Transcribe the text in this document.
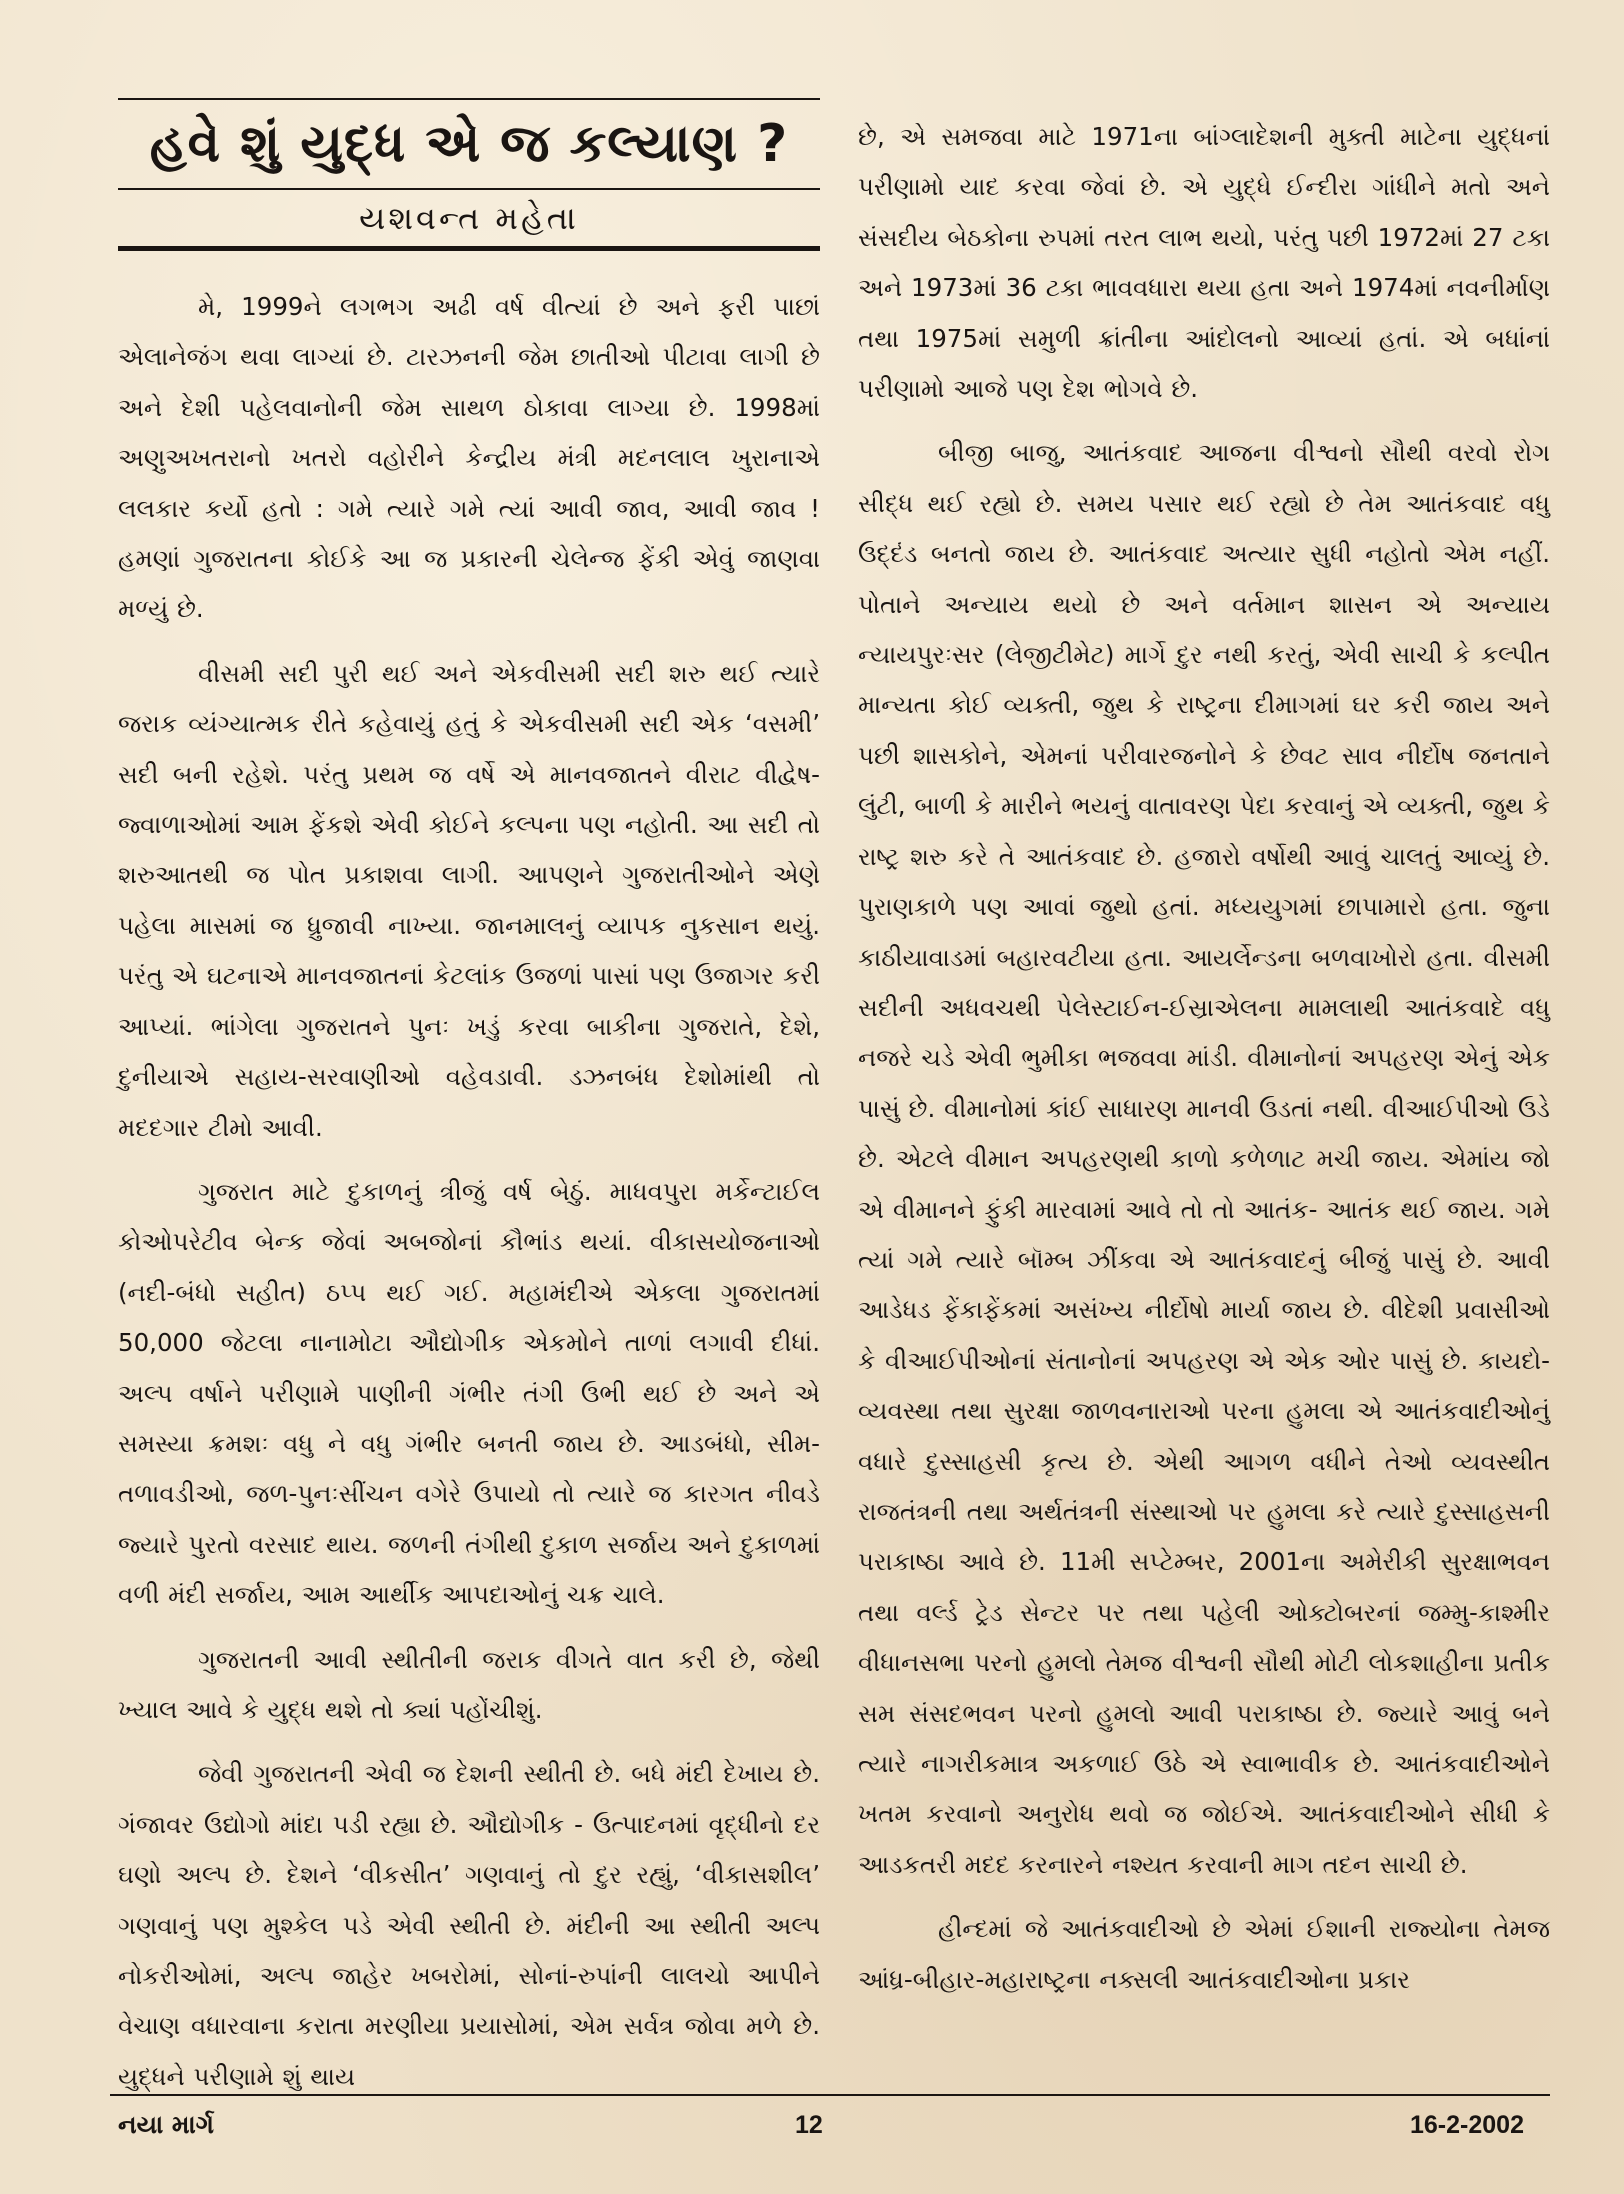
હવે શું યુદ્ધ એ જ કલ્યાણ ?
યશવન્ત મહેતા

મે, 1999ને લગભગ અઢી વર્ષ વીત્યાં છે અને ફરી પાછાં એલાનેજંગ થવા લાગ્યાં છે. ટારઝનની જેમ છાતીઓ પીટાવા લાગી છે અને દેશી પહેલવાનોની જેમ સાથળ ઠોકાવા લાગ્યા છે. 1998માં અણુઅખતરાનો ખતરો વહોરીને કેન્દ્રીય મંત્રી મદનલાલ ખુરાનાએ લલકાર કર્યો હતો : ગમે ત્યારે ગમે ત્યાં આવી જાવ, આવી જાવ ! હમણાં ગુજરાતના કોઈકે આ જ પ્રકારની ચેલેન્જ ફેંકી એવું જાણવા મળ્યું છે.

વીસમી સદી પુરી થઈ અને એકવીસમી સદી શરુ થઈ ત્યારે જરાક વ્યંગ્યાત્મક રીતે કહેવાયું હતું કે એકવીસમી સદી એક ‘વસમી’ સદી બની રહેશે. પરંતુ પ્રથમ જ વર્ષે એ માનવજાતને વીરાટ વીદ્વેષ-જ્વાળાઓમાં આમ ફેંકશે એવી કોઈને કલ્પના પણ નહોતી. આ સદી તો શરુઆતથી જ પોત પ્રકાશવા લાગી. આપણને ગુજરાતીઓને એણે પહેલા માસમાં જ ધ્રુજાવી નાખ્યા. જાનમાલનું વ્યાપક નુકસાન થયું. પરંતુ એ ઘટનાએ માનવજાતનાં કેટલાંક ઉજળાં પાસાં પણ ઉજાગર કરી આપ્યાં. ભાંગેલા ગુજરાતને પુનઃ ખડું કરવા બાકીના ગુજરાતે, દેશે, દુનીયાએ સહાય-સરવાણીઓ વહેવડાવી. ડઝનબંધ દેશોમાંથી તો મદદગાર ટીમો આવી.

ગુજરાત માટે દુકાળનું ત્રીજું વર્ષ બેઠું. માધવપુરા મર્કેન્ટાઈલ કોઓપરેટીવ બેન્ક જેવાં અબજોનાં કૌભાંડ થયાં. વીકાસયોજનાઓ (નદી-બંધો સહીત) ઠપ્પ થઈ ગઈ. મહામંદીએ એકલા ગુજરાતમાં 50,000 જેટલા નાનામોટા ઔદ્યોગીક એકમોને તાળાં લગાવી દીધાં. અલ્પ વર્ષાને પરીણામે પાણીની ગંભીર તંગી ઉભી થઈ છે અને એ સમસ્યા ક્રમશઃ વધુ ને વધુ ગંભીર બનતી જાય છે. આડબંધો, સીમ-તળાવડીઓ, જળ-પુનઃસીંચન વગેરે ઉપાયો તો ત્યારે જ કારગત નીવડે જ્યારે પુરતો વરસાદ થાય. જળની તંગીથી દુકાળ સર્જાય અને દુકાળમાં વળી મંદી સર્જાય, આમ આર્થીક આપદાઓનું ચક્ર ચાલે.

ગુજરાતની આવી સ્થીતીની જરાક વીગતે વાત કરી છે, જેથી ખ્યાલ આવે કે યુદ્ધ થશે તો ક્યાં પહોંચીશું.

જેવી ગુજરાતની એવી જ દેશની સ્થીતી છે. બધે મંદી દેખાય છે. ગંજાવર ઉદ્યોગો માંદા પડી રહ્યા છે. ઔદ્યોગીક - ઉત્પાદનમાં વૃદ્ધીનો દર ઘણો અલ્પ છે. દેશને ‘વીકસીત’ ગણવાનું તો દુર રહ્યું, ‘વીકાસશીલ’ ગણવાનું પણ મુશ્કેલ પડે એવી સ્થીતી છે. મંદીની આ સ્થીતી અલ્પ નોકરીઓમાં, અલ્પ જાહેર ખબરોમાં, સોનાં-રુપાંની લાલચો આપીને વેચાણ વધારવાના કરાતા મરણીયા પ્રયાસોમાં, એમ સર્વત્ર જોવા મળે છે. યુદ્ધને પરીણામે શું થાય

છે, એ સમજવા માટે 1971ના બાંગ્લાદેશની મુક્તી માટેના યુદ્ધનાં પરીણામો યાદ કરવા જેવાં છે. એ યુદ્ધે ઈન્દીરા ગાંધીને મતો અને સંસદીય બેઠકોના રુપમાં તરત લાભ થયો, પરંતુ પછી 1972માં 27 ટકા અને 1973માં 36 ટકા ભાવવધારા થયા હતા અને 1974માં નવનીર્માણ તથા 1975માં સમુળી ક્રાંતીના આંદોલનો આવ્યાં હતાં. એ બધાંનાં પરીણામો આજે પણ દેશ ભોગવે છે.

બીજી બાજુ, આતંકવાદ આજના વીશ્વનો સૌથી વરવો રોગ સીદ્ધ થઈ રહ્યો છે. સમય પસાર થઈ રહ્યો છે તેમ આતંકવાદ વધુ ઉદ્દંડ બનતો જાય છે. આતંકવાદ અત્યાર સુધી નહોતો એમ નહીં. પોતાને અન્યાય થયો છે અને વર્તમાન શાસન એ અન્યાય ન્યાયપુરઃસર (લેજીટીમેટ) માર્ગે દુર નથી કરતું, એવી સાચી કે કલ્પીત માન્યતા કોઈ વ્યક્તી, જુથ કે રાષ્ટ્રના દીમાગમાં ઘર કરી જાય અને પછી શાસકોને, એમનાં પરીવારજનોને કે છેવટ સાવ નીર્દોષ જનતાને લુંટી, બાળી કે મારીને ભયનું વાતાવરણ પેદા કરવાનું એ વ્યક્તી, જુથ કે રાષ્ટ્ર શરુ કરે તે આતંકવાદ છે. હજારો વર્ષોથી આવું ચાલતું આવ્યું છે. પુરાણકાળે પણ આવાં જુથો હતાં. મધ્યયુગમાં છાપામારો હતા. જુના કાઠીયાવાડમાં બહારવટીયા હતા. આયર્લેન્ડના બળવાખોરો હતા. વીસમી સદીની અધવચથી પેલેસ્ટાઈન-ઈસ્રાએલના મામલાથી આતંકવાદે વધુ નજરે ચડે એવી ભુમીકા ભજવવા માંડી. વીમાનોનાં અપહરણ એનું એક પાસું છે. વીમાનોમાં કાંઈ સાધારણ માનવી ઉડતાં નથી. વીઆઈપીઓ ઉડે છે. એટલે વીમાન અપહરણથી કાળો કળેળાટ મચી જાય. એમાંય જો એ વીમાનને ફુંકી મારવામાં આવે તો તો આતંક- આતંક થઈ જાય. ગમે ત્યાં ગમે ત્યારે બૉમ્બ ઝીંકવા એ આતંકવાદનું બીજું પાસું છે. આવી આડેધડ ફેંકાફેંકમાં અસંખ્ય નીર્દોષો માર્યા જાય છે. વીદેશી પ્રવાસીઓ કે વીઆઈપીઓનાં સંતાનોનાં અપહરણ એ એક ઓર પાસું છે. કાયદો-વ્યવસ્થા તથા સુરક્ષા જાળવનારાઓ પરના હુમલા એ આતંકવાદીઓનું વધારે દુસ્સાહસી કૃત્ય છે. એથી આગળ વધીને તેઓ વ્યવસ્થીત રાજતંત્રની તથા અર્થતંત્રની સંસ્થાઓ પર હુમલા કરે ત્યારે દુસ્સાહસની પરાકાષ્ઠા આવે છે. 11મી સપ્ટેમ્બર, 2001ના અમેરીકી સુરક્ષાભવન તથા વર્લ્ડ ટ્રેડ સેન્ટર પર તથા પહેલી ઓક્ટોબરનાં જમ્મુ-કાશ્મીર વીધાનસભા પરનો હુમલો તેમજ વીશ્વની સૌથી મોટી લોકશાહીના પ્રતીક સમ સંસદભવન પરનો હુમલો આવી પરાકાષ્ઠા છે. જ્યારે આવું બને ત્યારે નાગરીકમાત્ર અકળાઈ ઉઠે એ સ્વાભાવીક છે. આતંકવાદીઓને ખતમ કરવાનો અનુરોધ થવો જ જોઈએ. આતંકવાદીઓને સીધી કે આડકતરી મદદ કરનારને નશ્યત કરવાની માગ તદન સાચી છે.

હીન્દમાં જે આતંકવાદીઓ છે એમાં ઈશાની રાજ્યોના તેમજ આંધ્ર-બીહાર-મહારાષ્ટ્રના નક્સલી આતંકવાદીઓના પ્રકાર

નયા માર્ગ	12	16-2-2002
